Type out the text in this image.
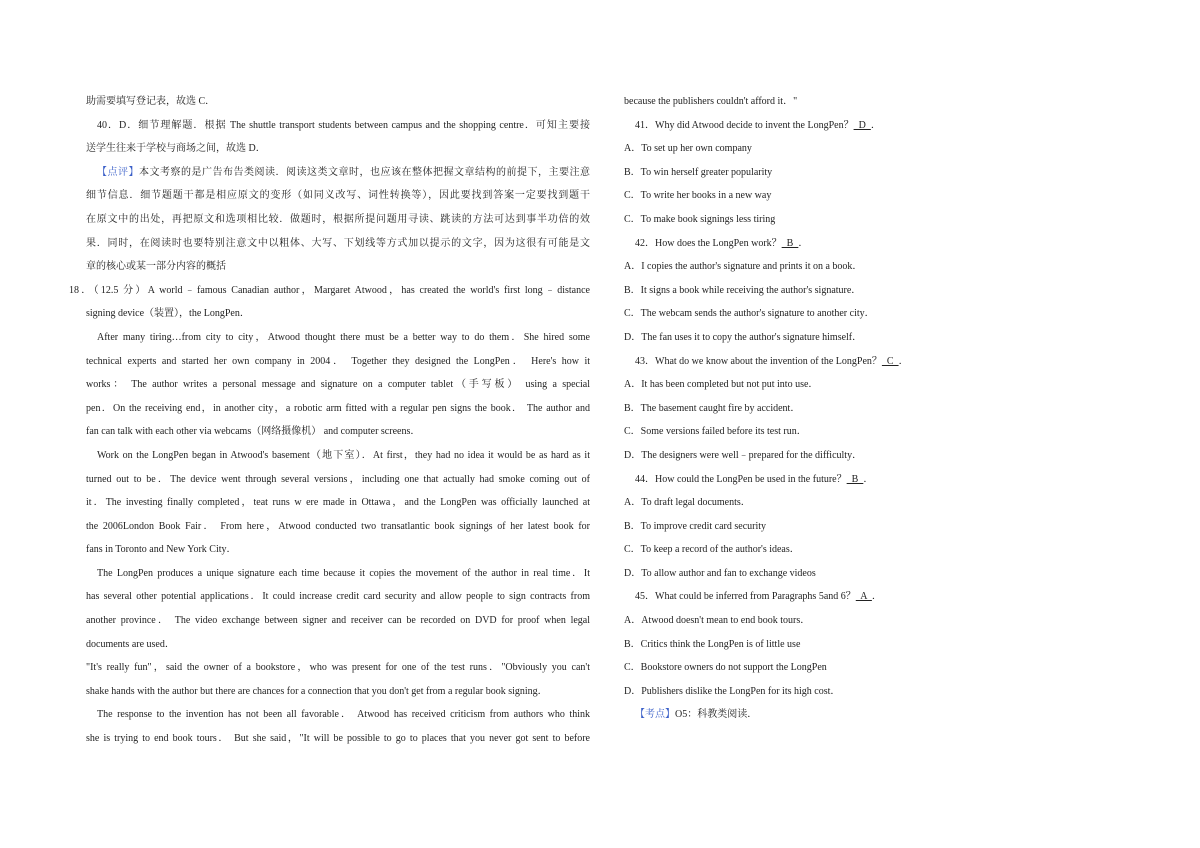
助需要填写登记表，故选 C．
40．D．细节理解题．根据 The shuttle transport students between campus and the shopping centre．可知主要接
送学生往来于学校与商场之间，故选 D．
【点评】本文考察的是广告布告类阅读．阅读这类文章时，也应该在整体把握文章结构的前提下，主要注意
细节信息．细节题题干都是相应原文的变形（如同义改写、词性转换等），因此要找到答案一定要找到题干
在原文中的出处，再把原文和选项相比较．做题时，根据所提问题用寻读、跳读的方法可达到事半功倍的效
果．同时，在阅读时也要特别注意文中以粗体、大写、下划线等方式加以提示的文字，因为这很有可能是文
章的核心或某一部分内容的概括
18．（12.5 分）A world﹣famous Canadian author，Margaret Atwood，has created the world's first long﹣distance
signing device（装置），the LongPen．
After many tiring…from city to city，Atwood thought there must be a better way to do them．She hired some
technical experts and started her own company in 2004． Together they designed the LongPen． Here's how it
works： The author writes a personal message and signature on a computer tablet（手写板） using a special
pen．On the receiving end，in another city，a robotic arm fitted with a regular pen signs the book． The author and
fan can talk with each other via webcams（网络摄像机） and computer screens．
Work on the LongPen began in Atwood's basement（地下室）．At first，they had no idea it would be as hard as it
turned out to be．The device went through several versions，including one that actually had smoke coming out of
it．The investing finally completed，teat runs w ere made in Ottawa，and the LongPen was officially launched at
the 2006London Book Fair． From here，Atwood conducted two transatlantic book signings of her latest book for
fans in Toronto and New York City．
The LongPen produces a unique signature each time because it copies the movement of the author in real time．It
has several other potential applications．It could increase credit card security and allow people to sign contracts from
another province． The video exchange between signer and receiver can be recorded on DVD for proof when legal
documents are used．
"It's really fun"，said the owner of a bookstore，who was present for one of the test runs．"Obviously you can't
shake hands with the author but there are chances for a connection that you don't get from a regular book signing．
The response to the invention has not been all favorable． Atwood has received criticism from authors who think
she is trying to end book tours． But she said，"It will be possible to go to places that you never got sent to before
because the publishers couldn't afford it．"
41．Why did Atwood decide to invent the LongPen？  D  ．
A．To set up her own company
B．To win herself greater popularity
C．To write her books in a new way
C．To make book signings less tiring
42．How does the LongPen work？  B  ．
A．I copies the author's signature and prints it on a book．
B．It signs a book while receiving the author's signature．
C．The webcam sends the author's signature to another city．
D．The fan uses it to copy the author's signature himself．
43．What do we know about the invention of the LongPen？  C  ．
A．It has been completed but not put into use．
B．The basement caught fire by accident．
C．Some versions failed before its test run．
D．The designers were well﹣prepared for the difficulty．
44．How could the LongPen be used in the future？  B  ．
A．To draft legal documents．
B．To improve credit card security
C．To keep a record of the author's ideas．
D．To allow author and fan to exchange videos
45．What could be inferred from Paragraphs 5and 6？  A  ．
A．Atwood doesn't mean to end book tours．
B．Critics think the LongPen is of little use
C．Bookstore owners do not support the LongPen
D．Publishers dislike the LongPen for its high cost．
【考点】O5：科教类阅读．
